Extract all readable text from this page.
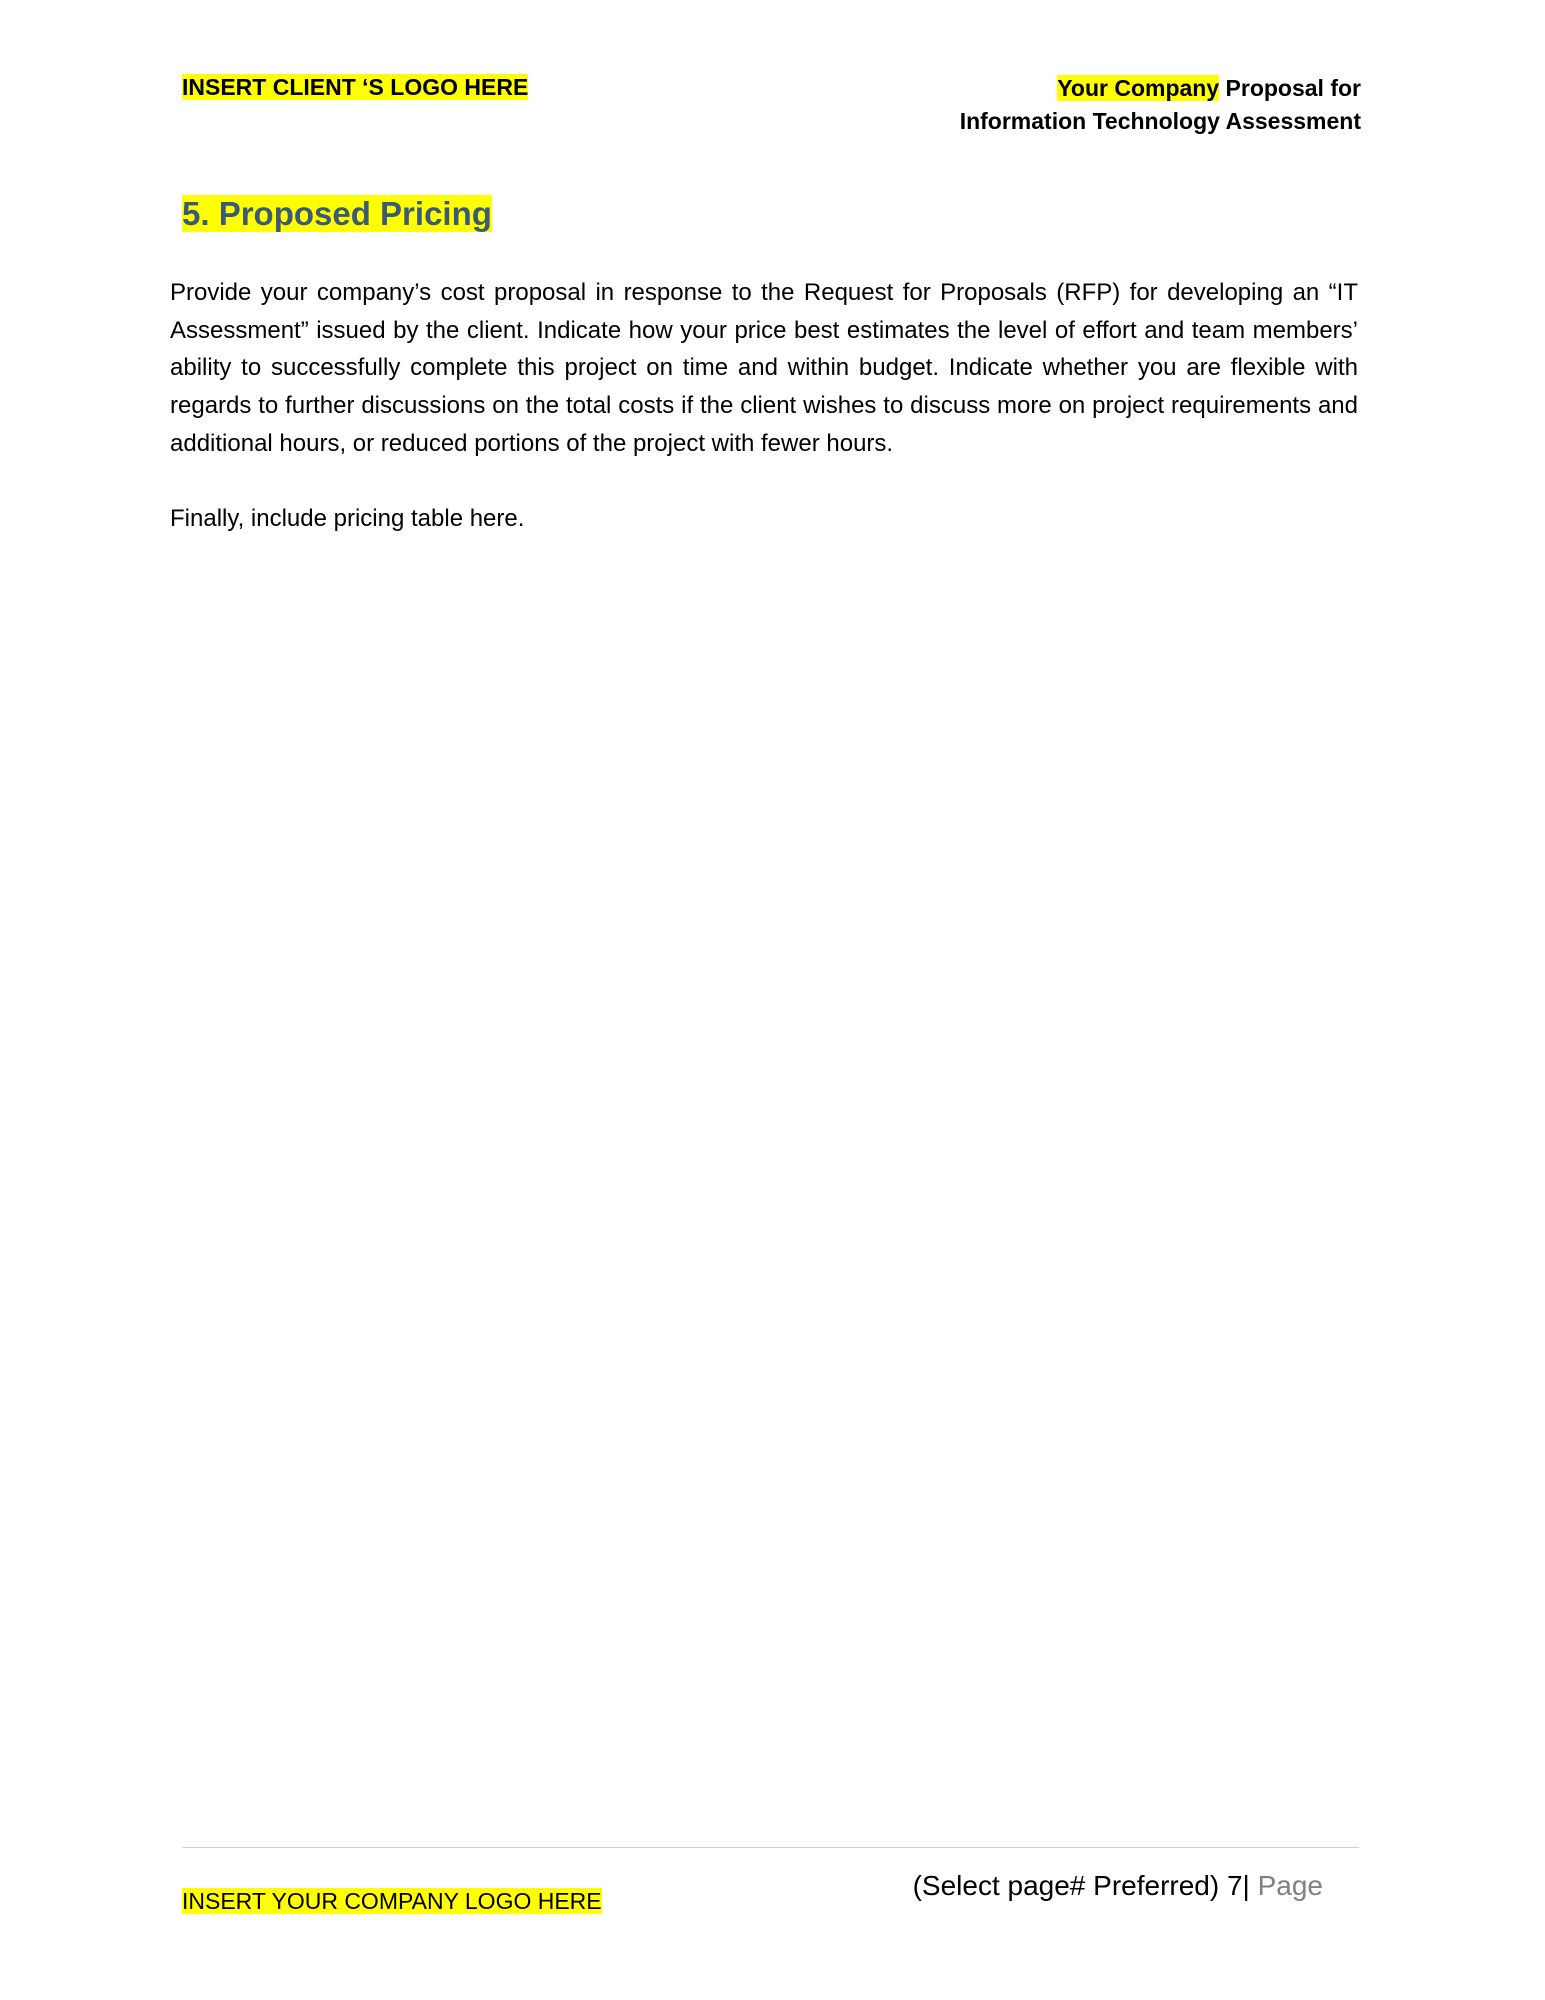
INSERT CLIENT ‘S LOGO HERE	Your Company Proposal for
Information Technology Assessment
5. Proposed Pricing

Provide your company’s cost proposal in response to the Request for Proposals (RFP) for developing an “IT Assessment” issued by the client. Indicate how your price best estimates the level of effort and team members’ ability to successfully complete this project on time and within budget. Indicate whether you are flexible with regards to further discussions on the total costs if the client wishes to discuss more on project requirements and additional hours, or reduced portions of the project with fewer hours.

Finally, include pricing table here.

INSERT YOUR COMPANY LOGO HERE	(Select page# Preferred) 7| Page
